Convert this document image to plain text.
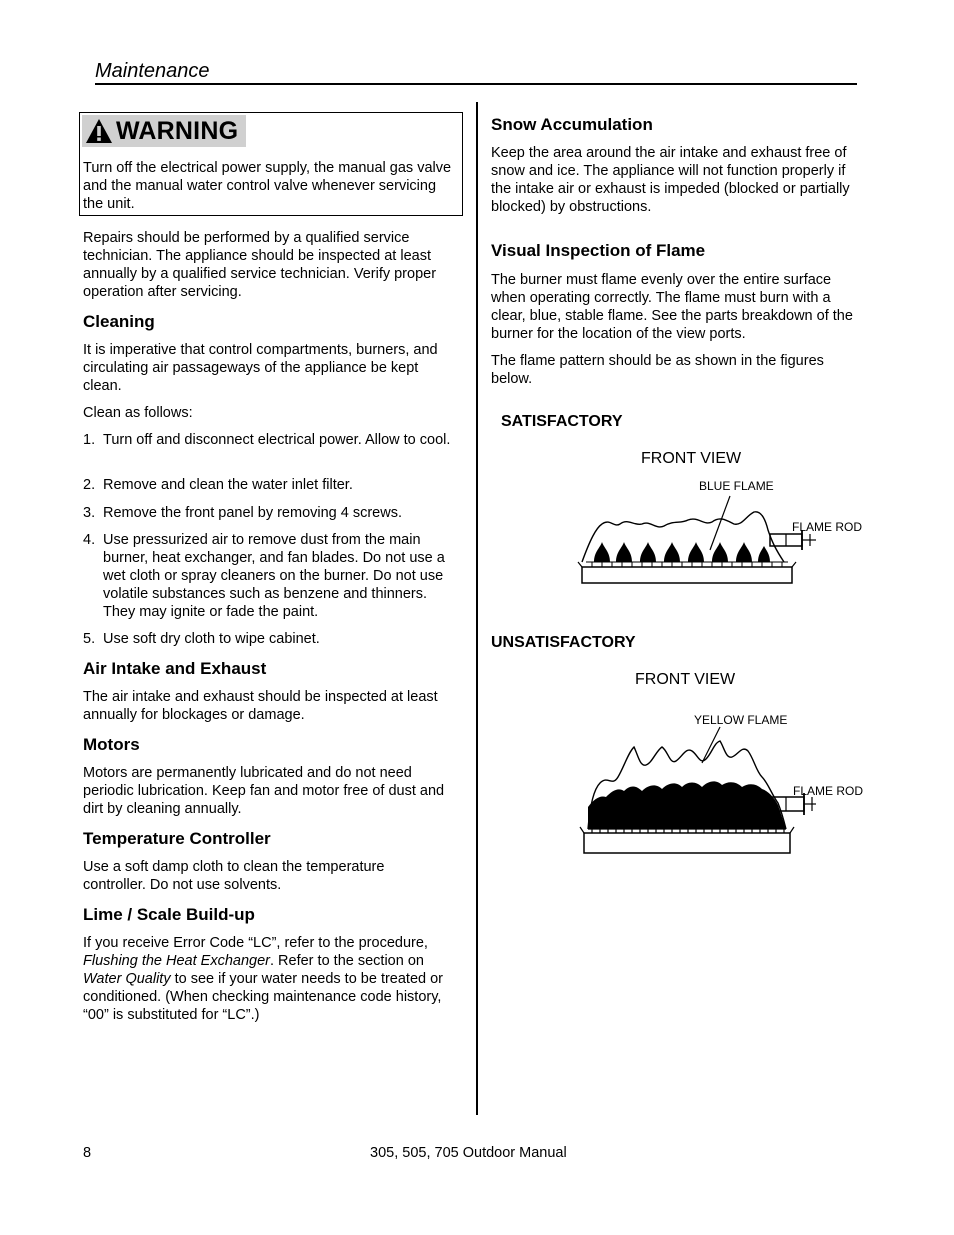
Maintenance
WARNING
Turn off the electrical power supply, the manual gas valve and the manual water control valve whenever servicing the unit.
Repairs should be performed by a qualified service technician. The appliance should be inspected at least annually by a qualified service technician. Verify proper operation after servicing.
Cleaning
It is imperative that control compartments, burners, and circulating air passageways of the appliance be kept clean.
Clean as follows:
1. Turn off and disconnect electrical power. Allow to cool.
2. Remove and clean the water inlet filter.
3. Remove the front panel by removing 4 screws.
4. Use pressurized air to remove dust from the main burner, heat exchanger, and fan blades. Do not use a wet cloth or spray cleaners on the burner. Do not use volatile substances such as benzene and thinners. They may ignite or fade the paint.
5. Use soft dry cloth to wipe cabinet.
Air Intake and Exhaust
The air intake and exhaust should be inspected at least annually for blockages or damage.
Motors
Motors are permanently lubricated and do not need periodic lubrication. Keep fan and motor free of dust and dirt by cleaning annually.
Temperature Controller
Use a soft damp cloth to clean the temperature controller. Do not use solvents.
Lime / Scale Build-up
If you receive Error Code “LC”, refer to the procedure, Flushing the Heat Exchanger. Refer to the section on Water Quality to see if your water needs to be treated or conditioned. (When checking maintenance code history, “00” is substituted for “LC”.)
Snow Accumulation
Keep the area around the air intake and exhaust free of snow and ice. The appliance will not function properly if the intake air or exhaust is impeded (blocked or partially blocked) by obstructions.
Visual Inspection of Flame
The burner must flame evenly over the entire surface when operating correctly. The flame must burn with a clear, blue, stable flame. See the parts breakdown of the burner for the location of the view ports.
The flame pattern should be as shown in the figures below.
SATISFACTORY
FRONT VIEW
BLUE FLAME
FLAME ROD
UNSATISFACTORY
FRONT VIEW
YELLOW FLAME
FLAME ROD
8	305, 505, 705 Outdoor Manual
